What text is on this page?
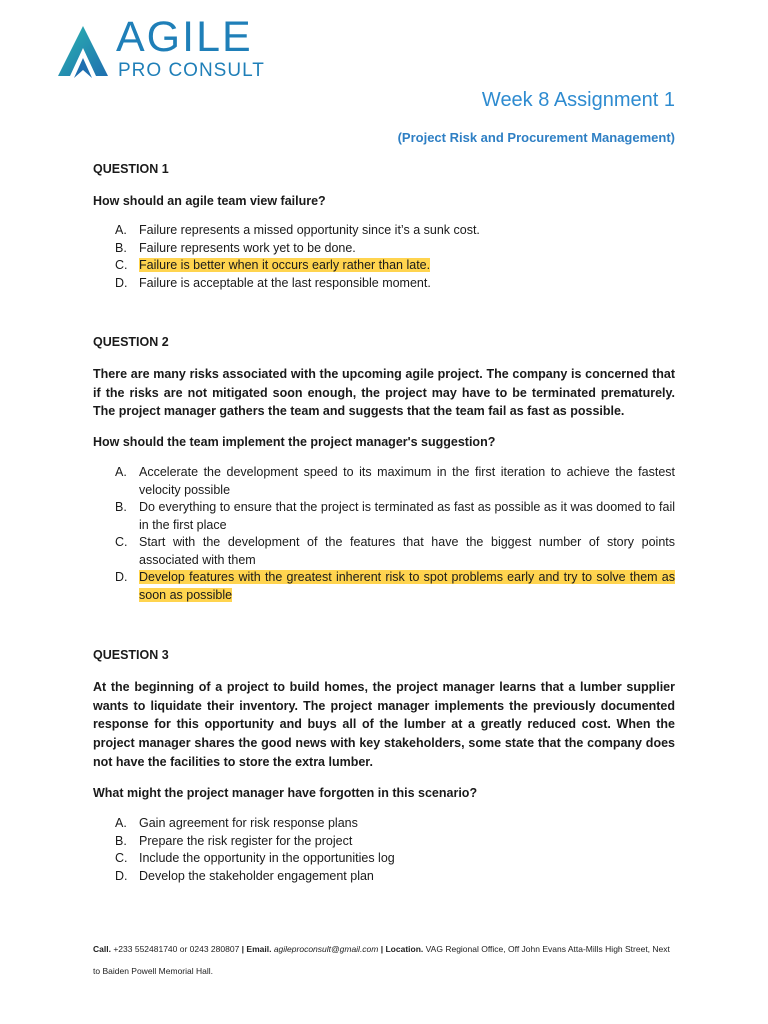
AGILE
PRO CONSULT
Week 8 Assignment 1
(Project Risk and Procurement Management)
QUESTION 1
How should an agile team view failure?
A. Failure represents a missed opportunity since it’s a sunk cost.
B. Failure represents work yet to be done.
C. Failure is better when it occurs early rather than late.
D. Failure is acceptable at the last responsible moment.
QUESTION 2
There are many risks associated with the upcoming agile project. The company is concerned that if the risks are not mitigated soon enough, the project may have to be terminated prematurely. The project manager gathers the team and suggests that the team fail as fast as possible.
How should the team implement the project manager's suggestion?
A. Accelerate the development speed to its maximum in the first iteration to achieve the fastest velocity possible
B. Do everything to ensure that the project is terminated as fast as possible as it was doomed to fail in the first place
C. Start with the development of the features that have the biggest number of story points associated with them
D. Develop features with the greatest inherent risk to spot problems early and try to solve them as soon as possible
QUESTION 3
At the beginning of a project to build homes, the project manager learns that a lumber supplier wants to liquidate their inventory. The project manager implements the previously documented response for this opportunity and buys all of the lumber at a greatly reduced cost. When the project manager shares the good news with key stakeholders, some state that the company does not have the facilities to store the extra lumber.
What might the project manager have forgotten in this scenario?
A. Gain agreement for risk response plans
B. Prepare the risk register for the project
C. Include the opportunity in the opportunities log
D. Develop the stakeholder engagement plan
Call. +233 552481740 or 0243 280807 | Email. agileproconsult@gmail.com | Location. VAG Regional Office, Off John Evans Atta-Mills High Street, Next to Baiden Powell Memorial Hall.
